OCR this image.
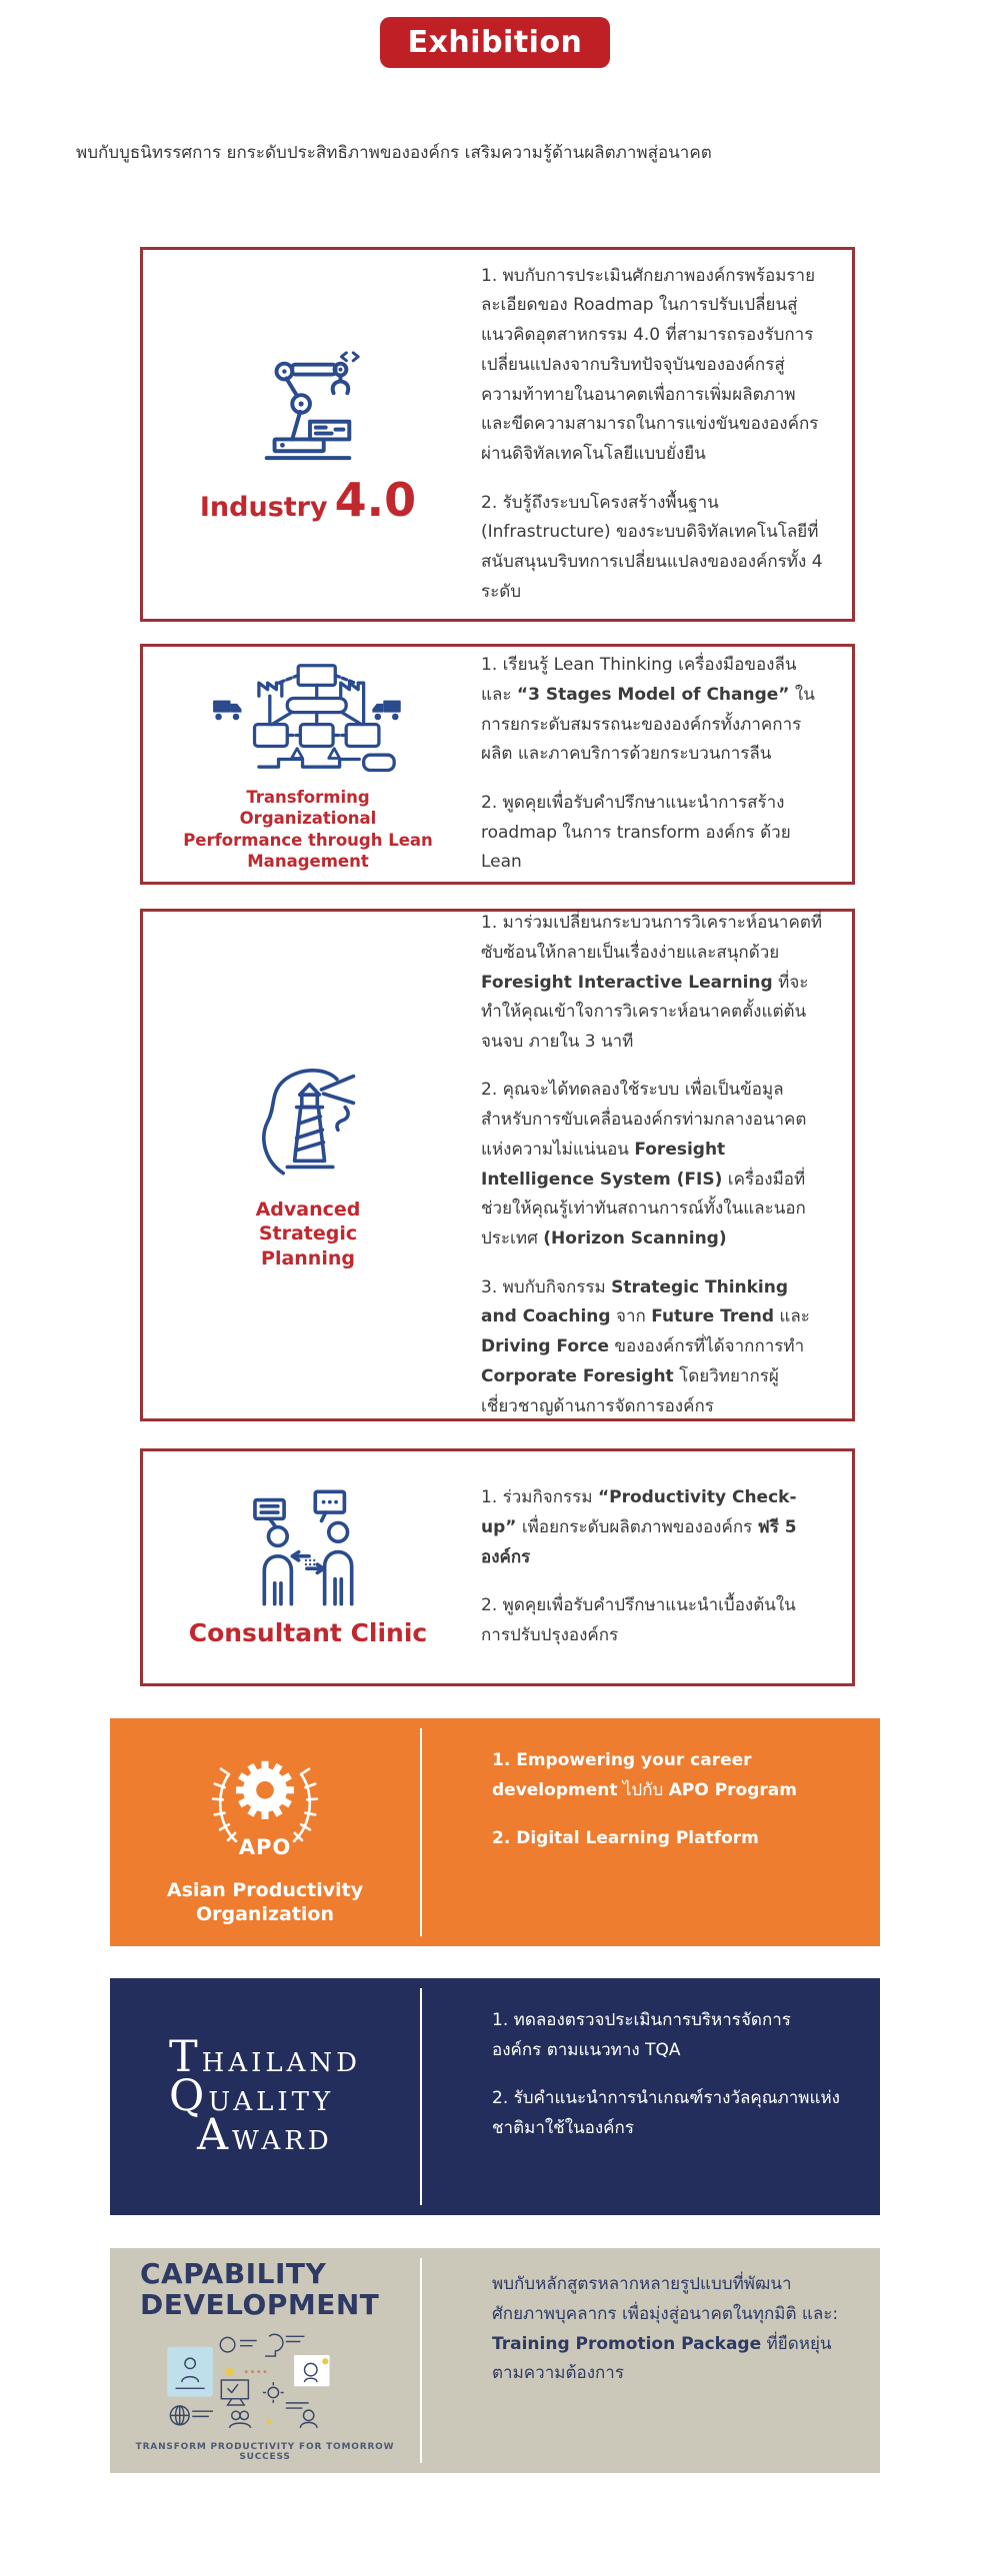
Exhibition

พบกับบูธนิทรรศการ ยกระดับประสิทธิภาพขององค์กร เสริมความรู้ด้านผลิตภาพสู่อนาคต

Industry 4.0

1. พบกับการประเมินศักยภาพองค์กรพร้อมรายละเอียดของ Roadmap ในการปรับเปลี่ยนสู่แนวคิดอุตสาหกรรม 4.0 ที่สามารถรองรับการเปลี่ยนแปลงจากบริบทปัจจุบันขององค์กรสู่ความท้าทายในอนาคตเพื่อการเพิ่มผลิตภาพและขีดความสามารถในการแข่งขันขององค์กรผ่านดิจิทัลเทคโนโลยีแบบยั่งยืน

2. รับรู้ถึงระบบโครงสร้างพื้นฐาน (Infrastructure) ของระบบดิจิทัลเทคโนโลยีที่สนับสนุนบริบทการเปลี่ยนแปลงขององค์กรทั้ง 4 ระดับ

Transforming Organizational Performance through Lean Management

1. เรียนรู้ Lean Thinking เครื่องมือของลีน และ “3 Stages Model of Change” ในการยกระดับสมรรถนะขององค์กรทั้งภาคการผลิต และภาคบริการด้วยกระบวนการลีน

2. พูดคุยเพื่อรับคำปรึกษาแนะนำการสร้าง roadmap ในการ transform องค์กร ด้วย Lean

Advanced Strategic Planning

1. มาร่วมเปลี่ยนกระบวนการวิเคราะห์อนาคตที่ซับซ้อนให้กลายเป็นเรื่องง่ายและสนุกด้วย Foresight Interactive Learning ที่จะทำให้คุณเข้าใจการวิเคราะห์อนาคตตั้งแต่ต้นจนจบ ภายใน 3 นาที

2. คุณจะได้ทดลองใช้ระบบ เพื่อเป็นข้อมูลสำหรับการขับเคลื่อนองค์กรท่ามกลางอนาคตแห่งความไม่แน่นอน Foresight Intelligence System (FIS) เครื่องมือที่ช่วยให้คุณรู้เท่าทันสถานการณ์ทั้งในและนอกประเทศ (Horizon Scanning)

3. พบกับกิจกรรม Strategic Thinking and Coaching จาก Future Trend และ Driving Force ขององค์กรที่ได้จากการทำ Corporate Foresight โดยวิทยากรผู้เชี่ยวชาญด้านการจัดการองค์กร

Consultant Clinic

1. ร่วมกิจกรรม “Productivity Check-up” เพื่อยกระดับผลิตภาพขององค์กร ฟรี 5 องค์กร

2. พูดคุยเพื่อรับคำปรึกษาแนะนำเบื้องต้นในการปรับปรุงองค์กร

APO
Asian Productivity Organization

1. Empowering your career development ไปกับ APO Program

2. Digital Learning Platform

THAILAND
QUALITY
AWARD

1. ทดลองตรวจประเมินการบริหารจัดการองค์กร ตามแนวทาง TQA

2. รับคำแนะนำการนำเกณฑ์รางวัลคุณภาพแห่งชาติมาใช้ในองค์กร

CAPABILITY DEVELOPMENT
TRANSFORM PRODUCTIVITY FOR TOMORROW SUCCESS

พบกับหลักสูตรหลากหลายรูปแบบที่พัฒนาศักยภาพบุคลากร เพื่อมุ่งสู่อนาคตในทุกมิติ และ: Training Promotion Package ที่ยืดหยุ่นตามความต้องการ
